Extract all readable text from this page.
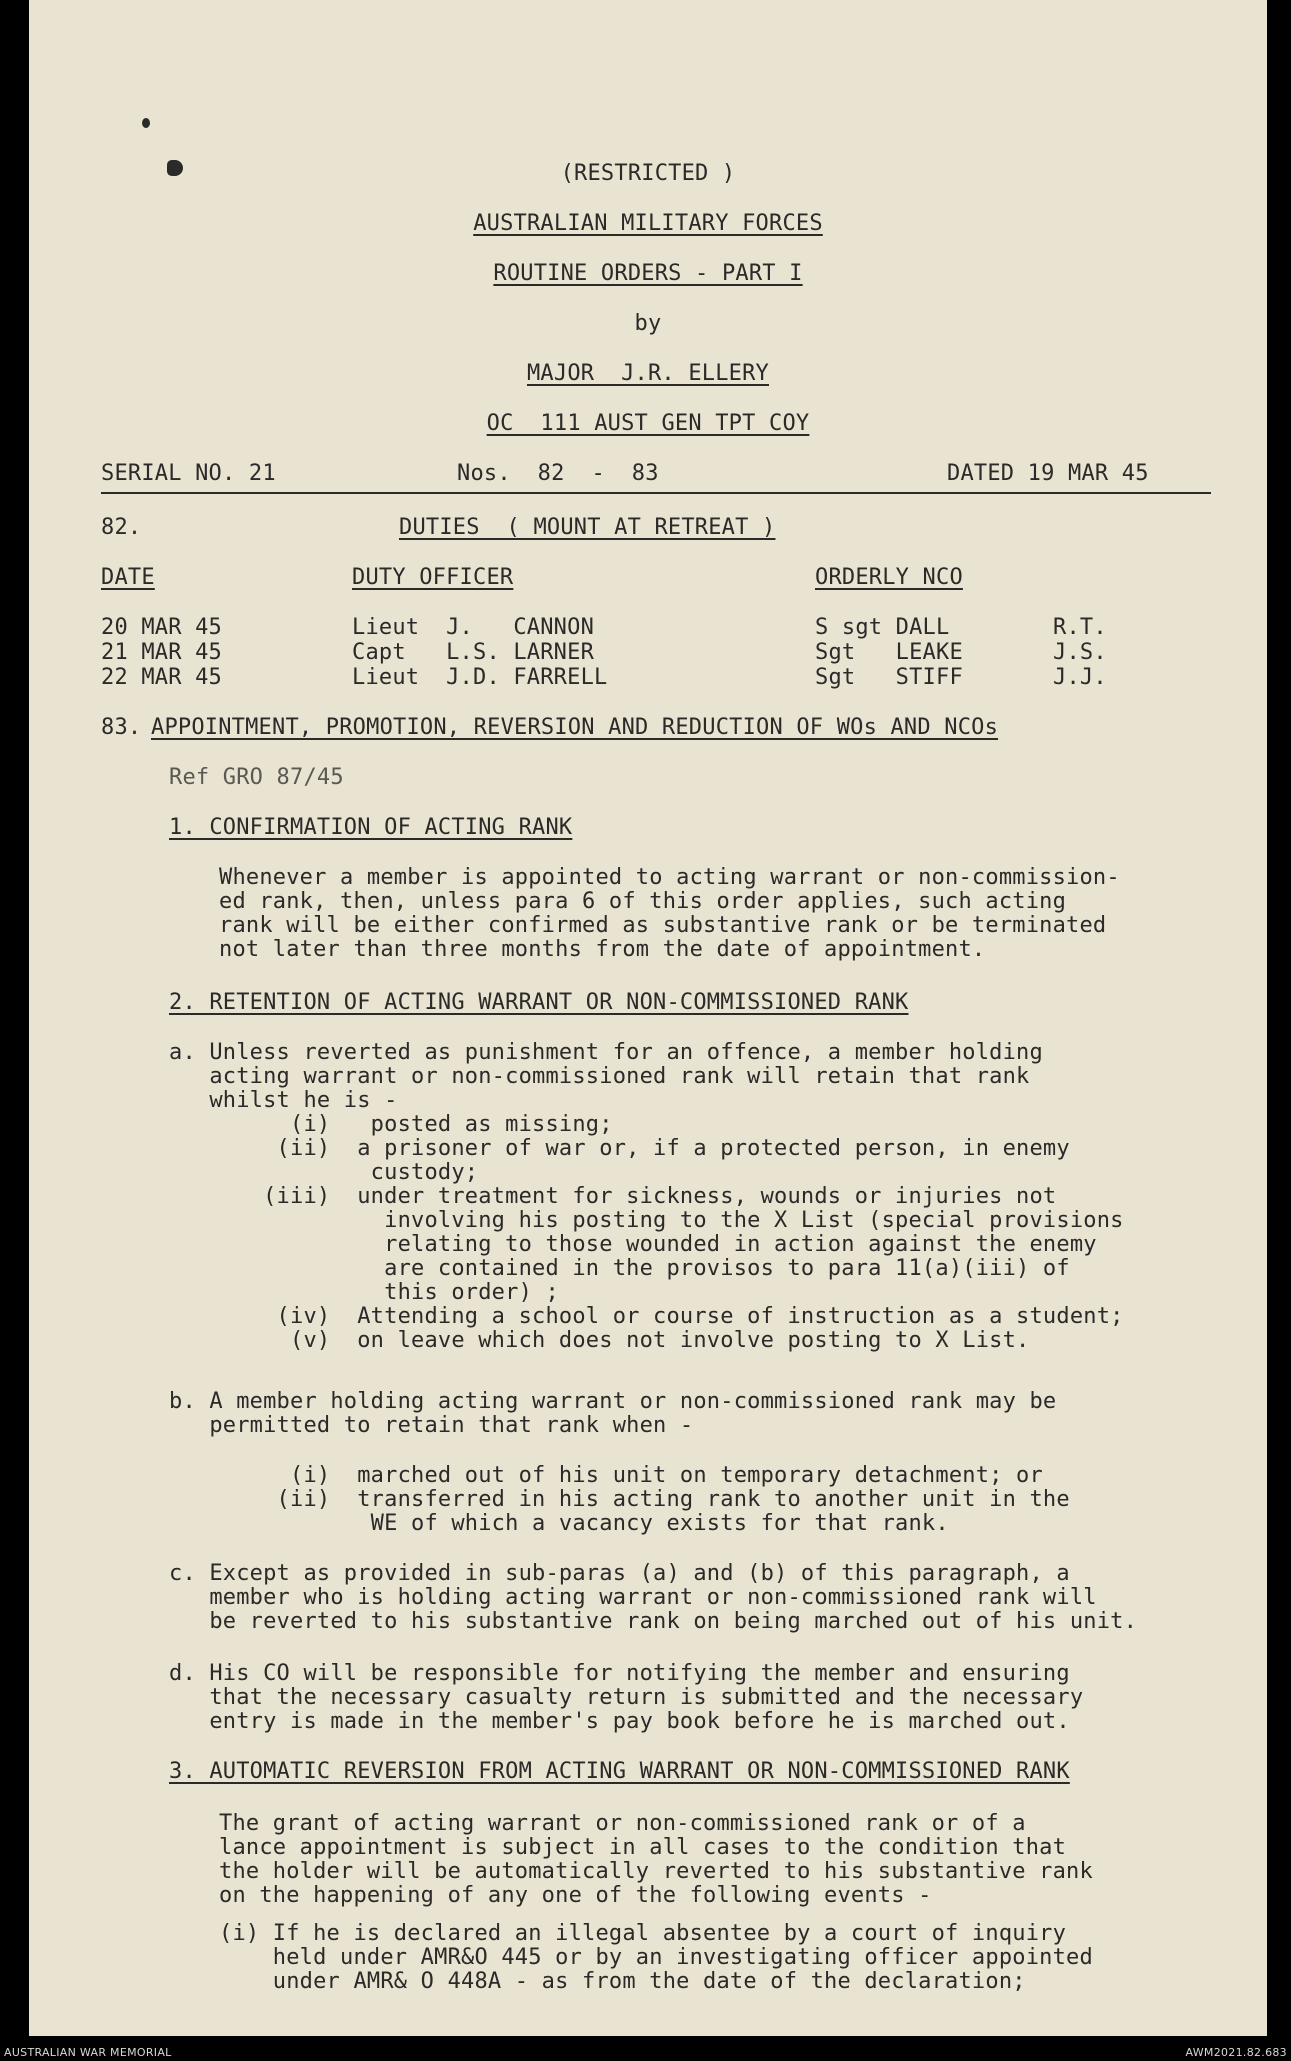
(RESTRICTED )
AUSTRALIAN MILITARY FORCES
ROUTINE ORDERS - PART I
by
MAJOR  J.R. ELLERY
OC  111 AUST GEN TPT COY
SERIAL NO. 21	Nos.  82  -  83	DATED 19 MAR 45
82.	DUTIES  ( MOUNT AT RETREAT )
DATE	DUTY OFFICER	ORDERLY NCO
20 MAR 45	Lieut  J.   CANNON	S sgt DALL	R.T.
21 MAR 45	Capt   L.S. LARNER	Sgt   LEAKE	J.S.
22 MAR 45	Lieut  J.D. FARRELL	Sgt   STIFF	J.J.
83. APPOINTMENT, PROMOTION, REVERSION AND REDUCTION OF WOs AND NCOs
Ref GRO 87/45
1. CONFIRMATION OF ACTING RANK
Whenever a member is appointed to acting warrant or non-commission-
ed rank, then, unless para 6 of this order applies, such acting
rank will be either confirmed as substantive rank or be terminated
not later than three months from the date of appointment.
2. RETENTION OF ACTING WARRANT OR NON-COMMISSIONED RANK
a. Unless reverted as punishment for an offence, a member holding
acting warrant or non-commissioned rank will retain that rank
whilst he is -
(i)   posted as missing;
(ii)  a prisoner of war or, if a protected person, in enemy
custody;
(iii)  under treatment for sickness, wounds or injuries not
involving his posting to the X List (special provisions
relating to those wounded in action against the enemy
are contained in the provisos to para 11(a)(iii) of
this order) ;
(iv)  Attending a school or course of instruction as a student;
(v)  on leave which does not involve posting to X List.
b. A member holding acting warrant or non-commissioned rank may be
permitted to retain that rank when -
(i)  marched out of his unit on temporary detachment; or
(ii)  transferred in his acting rank to another unit in the
WE of which a vacancy exists for that rank.
c. Except as provided in sub-paras (a) and (b) of this paragraph, a
member who is holding acting warrant or non-commissioned rank will
be reverted to his substantive rank on being marched out of his unit.
d. His CO will be responsible for notifying the member and ensuring
that the necessary casualty return is submitted and the necessary
entry is made in the member's pay book before he is marched out.
3. AUTOMATIC REVERSION FROM ACTING WARRANT OR NON-COMMISSIONED RANK
The grant of acting warrant or non-commissioned rank or of a
lance appointment is subject in all cases to the condition that
the holder will be automatically reverted to his substantive rank
on the happening of any one of the following events -
(i) If he is declared an illegal absentee by a court of inquiry
held under AMR&O 445 or by an investigating officer appointed
under AMR& O 448A - as from the date of the declaration;
AUSTRALIAN WAR MEMORIAL	AWM2021.82.683
